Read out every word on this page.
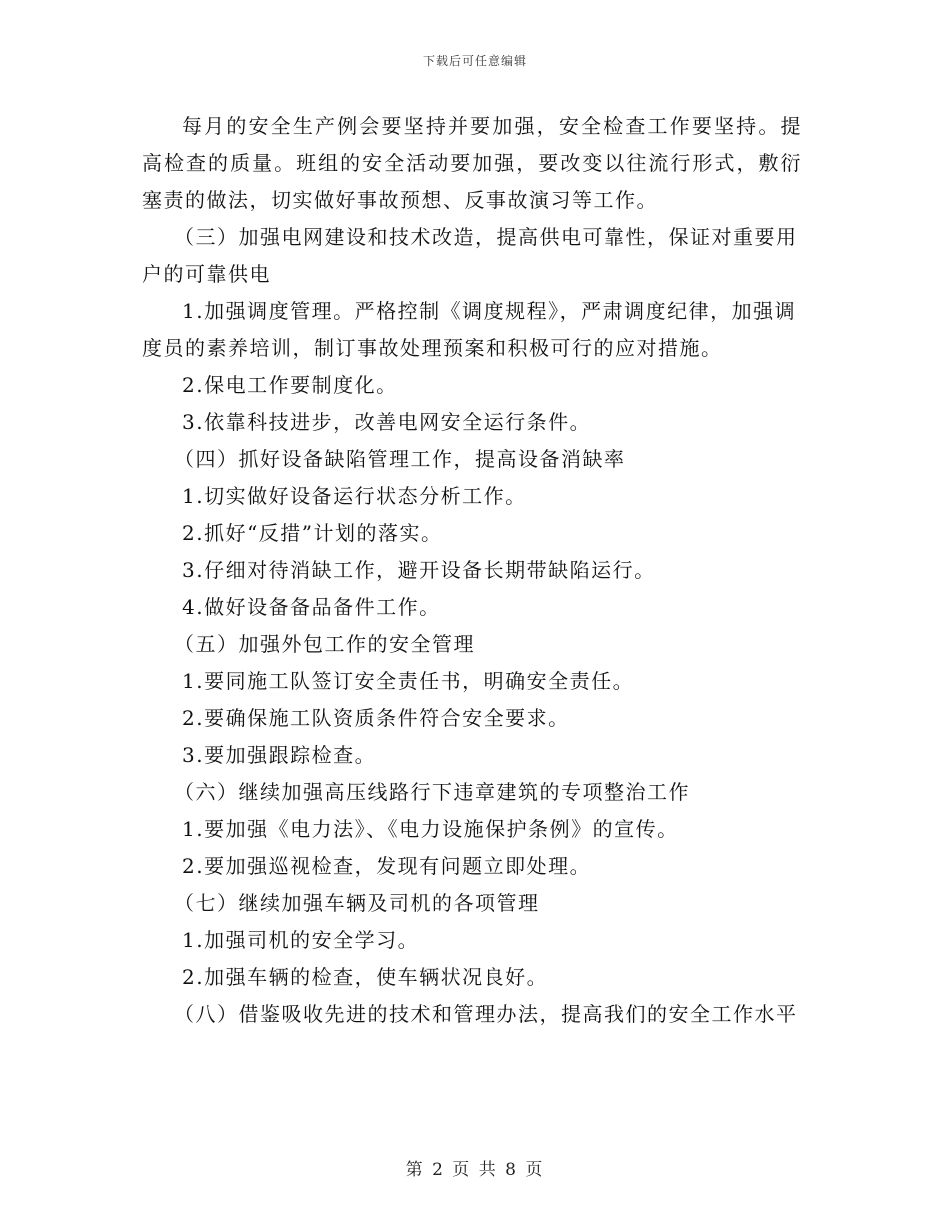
下载后可任意编辑

每月的安全生产例会要坚持并要加强，安全检查工作要坚持。提高检查的质量。班组的安全活动要加强，要改变以往流行形式，敷衍塞责的做法，切实做好事故预想、反事故演习等工作。

（三）加强电网建设和技术改造，提高供电可靠性，保证对重要用户的可靠供电

1.加强调度管理。严格控制《调度规程》，严肃调度纪律，加强调度员的素养培训，制订事故处理预案和积极可行的应对措施。

2.保电工作要制度化。

3.依靠科技进步，改善电网安全运行条件。

（四）抓好设备缺陷管理工作，提高设备消缺率

1.切实做好设备运行状态分析工作。

2.抓好“反措”计划的落实。

3.仔细对待消缺工作，避开设备长期带缺陷运行。

4.做好设备备品备件工作。

（五）加强外包工作的安全管理

1.要同施工队签订安全责任书，明确安全责任。

2.要确保施工队资质条件符合安全要求。

3.要加强跟踪检查。

（六）继续加强高压线路行下违章建筑的专项整治工作

1.要加强《电力法》、《电力设施保护条例》的宣传。

2.要加强巡视检查，发现有问题立即处理。

（七）继续加强车辆及司机的各项管理

1.加强司机的安全学习。

2.加强车辆的检查，使车辆状况良好。

（八）借鉴吸收先进的技术和管理办法，提高我们的安全工作水平

第 2 页 共 8 页
